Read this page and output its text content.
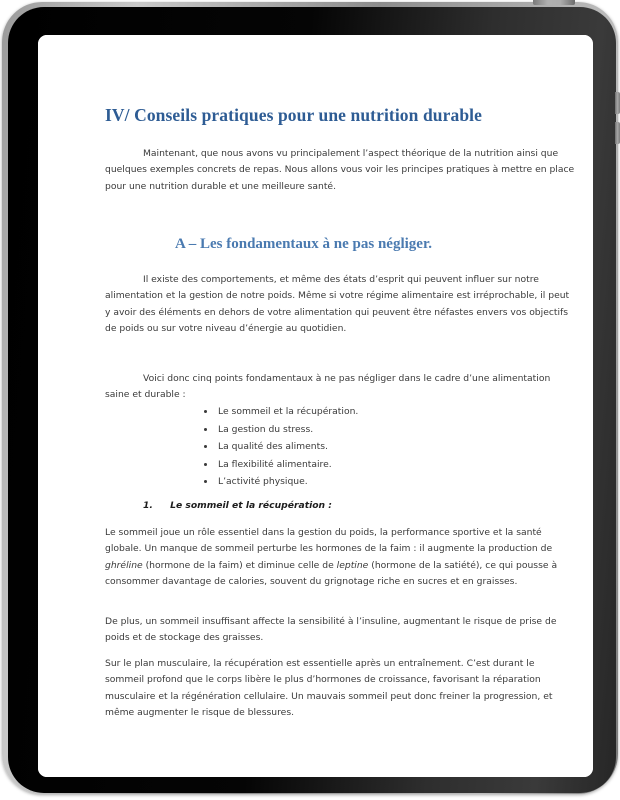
IV/ Conseils pratiques pour une nutrition durable

Maintenant, que nous avons vu principalement l’aspect théorique de la nutrition ainsi que quelques exemples concrets de repas. Nous allons vous voir les principes pratiques à mettre en place pour une nutrition durable et une meilleure santé.

A – Les fondamentaux à ne pas négliger.

Il existe des comportements, et même des états d’esprit qui peuvent influer sur notre alimentation et la gestion de notre poids. Même si votre régime alimentaire est irréprochable, il peut y avoir des éléments en dehors de votre alimentation qui peuvent être néfastes envers vos objectifs de poids ou sur votre niveau d’énergie au quotidien.

Voici donc cinq points fondamentaux à ne pas négliger dans le cadre d’une alimentation saine et durable :

Le sommeil et la récupération.
La gestion du stress.
La qualité des aliments.
La flexibilité alimentaire.
L’activité physique.
1. Le sommeil et la récupération :

Le sommeil joue un rôle essentiel dans la gestion du poids, la performance sportive et la santé globale. Un manque de sommeil perturbe les hormones de la faim : il augmente la production de ghréline (hormone de la faim) et diminue celle de leptine (hormone de la satiété), ce qui pousse à consommer davantage de calories, souvent du grignotage riche en sucres et en graisses.

De plus, un sommeil insuffisant affecte la sensibilité à l’insuline, augmentant le risque de prise de poids et de stockage des graisses.

Sur le plan musculaire, la récupération est essentielle après un entraînement. C’est durant le sommeil profond que le corps libère le plus d’hormones de croissance, favorisant la réparation musculaire et la régénération cellulaire. Un mauvais sommeil peut donc freiner la progression, et même augmenter le risque de blessures.
